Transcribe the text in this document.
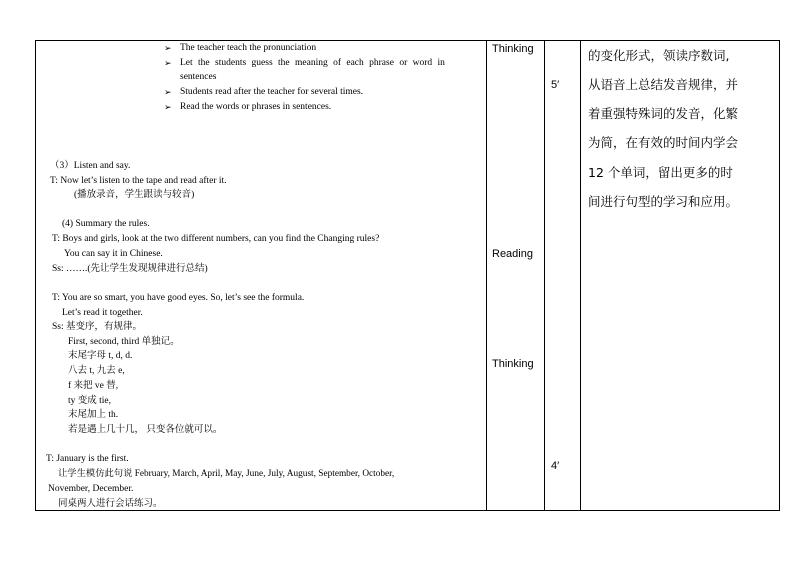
➢ The teacher teach the pronunciation
➢ Let the students guess the meaning of each phrase or word in
sentences
➢ Students read after the teacher for several times.
➢ Read the words or phrases in sentences.
（3）Listen and say.
T: Now let’s listen to the tape and read after it.
(播放录音，学生跟读与较音)
(4) Summary the rules.
T: Boys and girls, look at the two different numbers, can you find the Changing rules?
You can say it in Chinese.
Ss: …….(先让学生发现规律进行总结)
T: You are so smart, you have good eyes. So, let’s see the formula.
Let’s read it together.
Ss: 基变序，有规律。
First, second, third 单独记。
末尾字母 t, d, d.
八去 t, 九去 e,
f 来把 ve 替,
ty 变成 tie,
末尾加上 th.
若是遇上几十几， 只变各位就可以。
T: January is the first.
让学生模仿此句说 February, March, April, May, June, July, August, September, October,
November, December.
同桌两人进行会话练习。
Thinking
Reading
Thinking
5′
4′
的变化形式，领读序数词,
从语音上总结发音规律，并
着重强特殊词的发音，化繁
为简，在有效的时间内学会
12 个单词，留出更多的时
间进行句型的学习和应用。
